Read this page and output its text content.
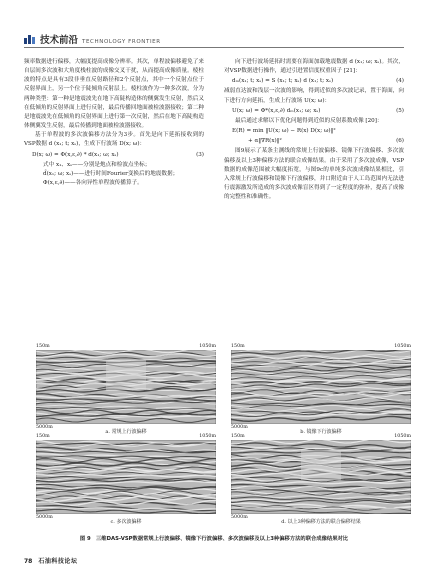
技术前沿 TECHNOLOGY FRONTIER

频率数据进行偏移，大幅度提高成像分辨率。其次，单程波偏移避免了来自层间多次波和大角度栈柱波的成像交叉干扰，从而提高成像质量。棱柱波的特点是具有3段非垂直反射路径和2个反射点，其中一个反射点位于反射界面上，另一个位于陡倾角反射层上。棱柱波作为一种多次波，分为两种类型：第一种是地震波先在地下高陡构造体的侧翼发生反射，然后又在低倾角的反射界面上进行反射，最后传播回地面被检波器接收；第二种是地震波先在低倾角的反射界面上进行第一次反射，然后在地下高陡构造体侧翼发生反射，最后传播到地面被检波器接收。

基于单程波的多次波偏移方法分为3步。首先是向下延拓接收到的VSP数据 d (x₁; t; xₛ)，生成下行波场 D(x; ω)：

D(x; ω) = Φ(x,ε,∂) * d(x₁; ω; xₛ)	(3)

式中 x₁、xₛ——分别是炮点和检波点坐标；

d̃(x₁; ω; xₛ)——进行时间Fourier变换后的地震数据；

Φ(x,ε,∂)——各向异性单程波传播算子。

向下进行波场延拓时需要在海面加载地震数据 d (x₁; ω; xₛ)。其次，对VSP数据进行操作，通过引进置信度权重因子 [21]：

dₘ(x₁; t; xₛ) = S (x₁; t; xₛ) d (x₁; t; xₛ)	(4)

减弱直达波和浅层一次波的影响，得到近似的多次波记录，置于海面，向下进行方向延拓，生成上行波场 U(x; ω)：

U(x; ω) = Φ*(x,ε,∂) dₘ(x₁; ω; xₛ)	(5)

最后通过求解以下优化问题得到近似的反射系数成像 [20]：

E(R) = min ‖U(x; ω) − R(x) D(x; ω)‖²
+ α‖∇R(x)‖²	(6)

图9展示了某条主测线的常规上行波偏移、镜像下行波偏移、多次波偏移及以上3种偏移方法的联合成像结果。由于采用了多次波成像，VSP数据的成像范围被大幅度拓宽，与图9c的单纯多次波成像结果相比，引入常规上行波偏移和镜像下行波偏移，并口附近由于人工岛范围内无法进行震源激发所造成的多次波成像盲区得到了一定程度的弥补，提高了成像的完整性和准确性。

150m	1050m
5000m
150m	1050m
5000m
a. 常规上行波偏移	b. 镜像下行波偏移
150m	1050m
5000m
150m	1050m
5000m
c. 多次波偏移	d. 以上3种偏移方法的联合偏移结果
图 9　三维DAS-VSP数据常规上行波偏移、镜像下行波偏移、多次波偏移及以上3种偏移方法的联合成像结果对比
78 石油科技论坛
